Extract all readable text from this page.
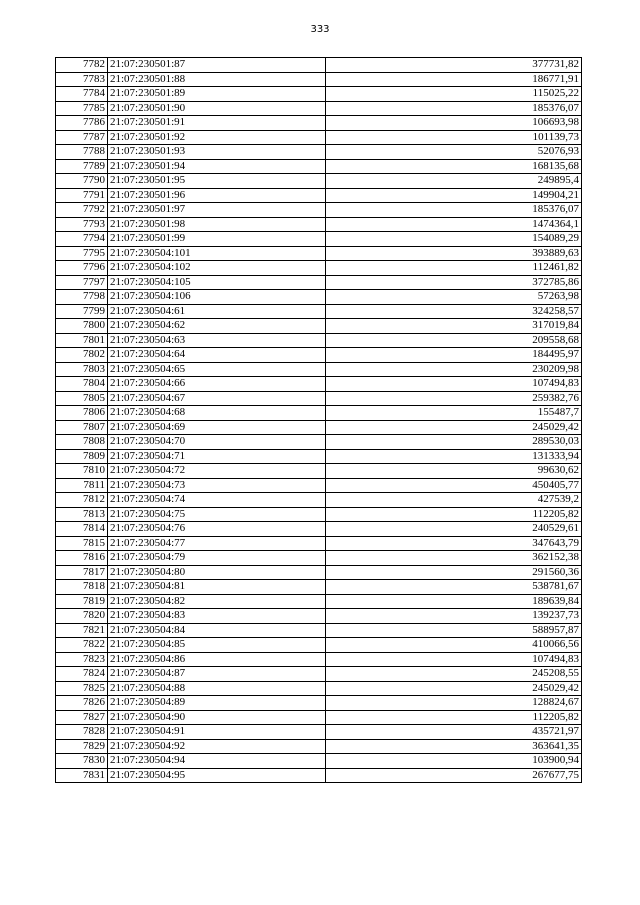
333
7782	21:07:230501:87	377731,82
7783	21:07:230501:88	186771,91
7784	21:07:230501:89	115025,22
7785	21:07:230501:90	185376,07
7786	21:07:230501:91	106693,98
7787	21:07:230501:92	101139,73
7788	21:07:230501:93	52076,93
7789	21:07:230501:94	168135,68
7790	21:07:230501:95	249895,4
7791	21:07:230501:96	149904,21
7792	21:07:230501:97	185376,07
7793	21:07:230501:98	1474364,1
7794	21:07:230501:99	154089,29
7795	21:07:230504:101	393889,63
7796	21:07:230504:102	112461,82
7797	21:07:230504:105	372785,86
7798	21:07:230504:106	57263,98
7799	21:07:230504:61	324258,57
7800	21:07:230504:62	317019,84
7801	21:07:230504:63	209558,68
7802	21:07:230504:64	184495,97
7803	21:07:230504:65	230209,98
7804	21:07:230504:66	107494,83
7805	21:07:230504:67	259382,76
7806	21:07:230504:68	155487,7
7807	21:07:230504:69	245029,42
7808	21:07:230504:70	289530,03
7809	21:07:230504:71	131333,94
7810	21:07:230504:72	99630,62
7811	21:07:230504:73	450405,77
7812	21:07:230504:74	427539,2
7813	21:07:230504:75	112205,82
7814	21:07:230504:76	240529,61
7815	21:07:230504:77	347643,79
7816	21:07:230504:79	362152,38
7817	21:07:230504:80	291560,36
7818	21:07:230504:81	538781,67
7819	21:07:230504:82	189639,84
7820	21:07:230504:83	139237,73
7821	21:07:230504:84	588957,87
7822	21:07:230504:85	410066,56
7823	21:07:230504:86	107494,83
7824	21:07:230504:87	245208,55
7825	21:07:230504:88	245029,42
7826	21:07:230504:89	128824,67
7827	21:07:230504:90	112205,82
7828	21:07:230504:91	435721,97
7829	21:07:230504:92	363641,35
7830	21:07:230504:94	103900,94
7831	21:07:230504:95	267677,75
